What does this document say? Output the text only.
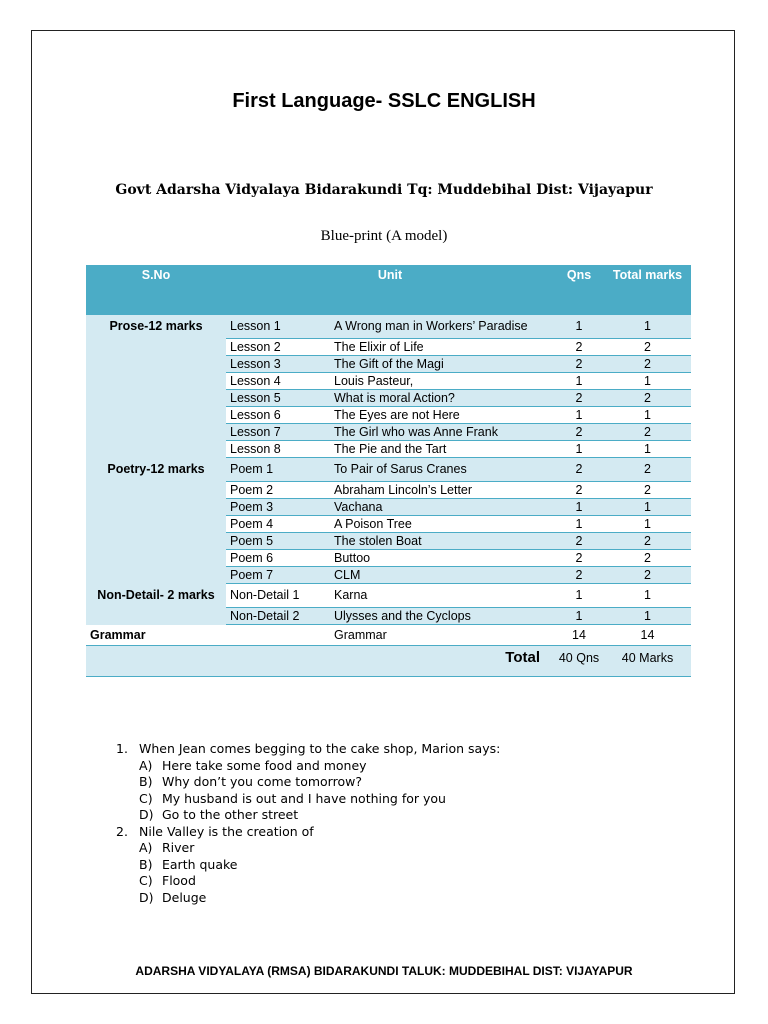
First Language- SSLC ENGLISH
Govt Adarsha Vidyalaya Bidarakundi Tq: Muddebihal Dist: Vijayapur
Blue-print (A model)
S.No	Unit		Qns	Total marks
Prose-12 marks	Lesson 1	A Wrong man in Workers’ Paradise	1	1
	Lesson 2	The Elixir of Life	2	2
	Lesson 3	The Gift of the Magi	2	2
	Lesson 4	Louis Pasteur,	1	1
	Lesson 5	What is moral Action?	2	2
	Lesson 6	The Eyes are not Here	1	1
	Lesson 7	The Girl who was Anne Frank	2	2
	Lesson 8	The Pie and the Tart	1	1
Poetry-12 marks	Poem 1	To Pair of Sarus Cranes	2	2
	Poem 2	Abraham Lincoln’s Letter	2	2
	Poem 3	Vachana	1	1
	Poem 4	A Poison Tree	1	1
	Poem 5	The stolen Boat	2	2
	Poem 6	Buttoo	2	2
	Poem 7	CLM	2	2
Non-Detail- 2 marks	Non-Detail 1	Karna	1	1
	Non-Detail 2	Ulysses and the Cyclops	1	1
Grammar		Grammar	14	14
Total			40 Qns	40 Marks
1. When Jean comes begging to the cake shop, Marion says:
A) Here take some food and money
B) Why don’t you come tomorrow?
C) My husband is out and I have nothing for you
D) Go to the other street
2. Nile Valley is the creation of
A) River
B) Earth quake
C) Flood
D) Deluge
ADARSHA VIDYALAYA (RMSA) BIDARAKUNDI TALUK: MUDDEBIHAL DIST: VIJAYAPUR
